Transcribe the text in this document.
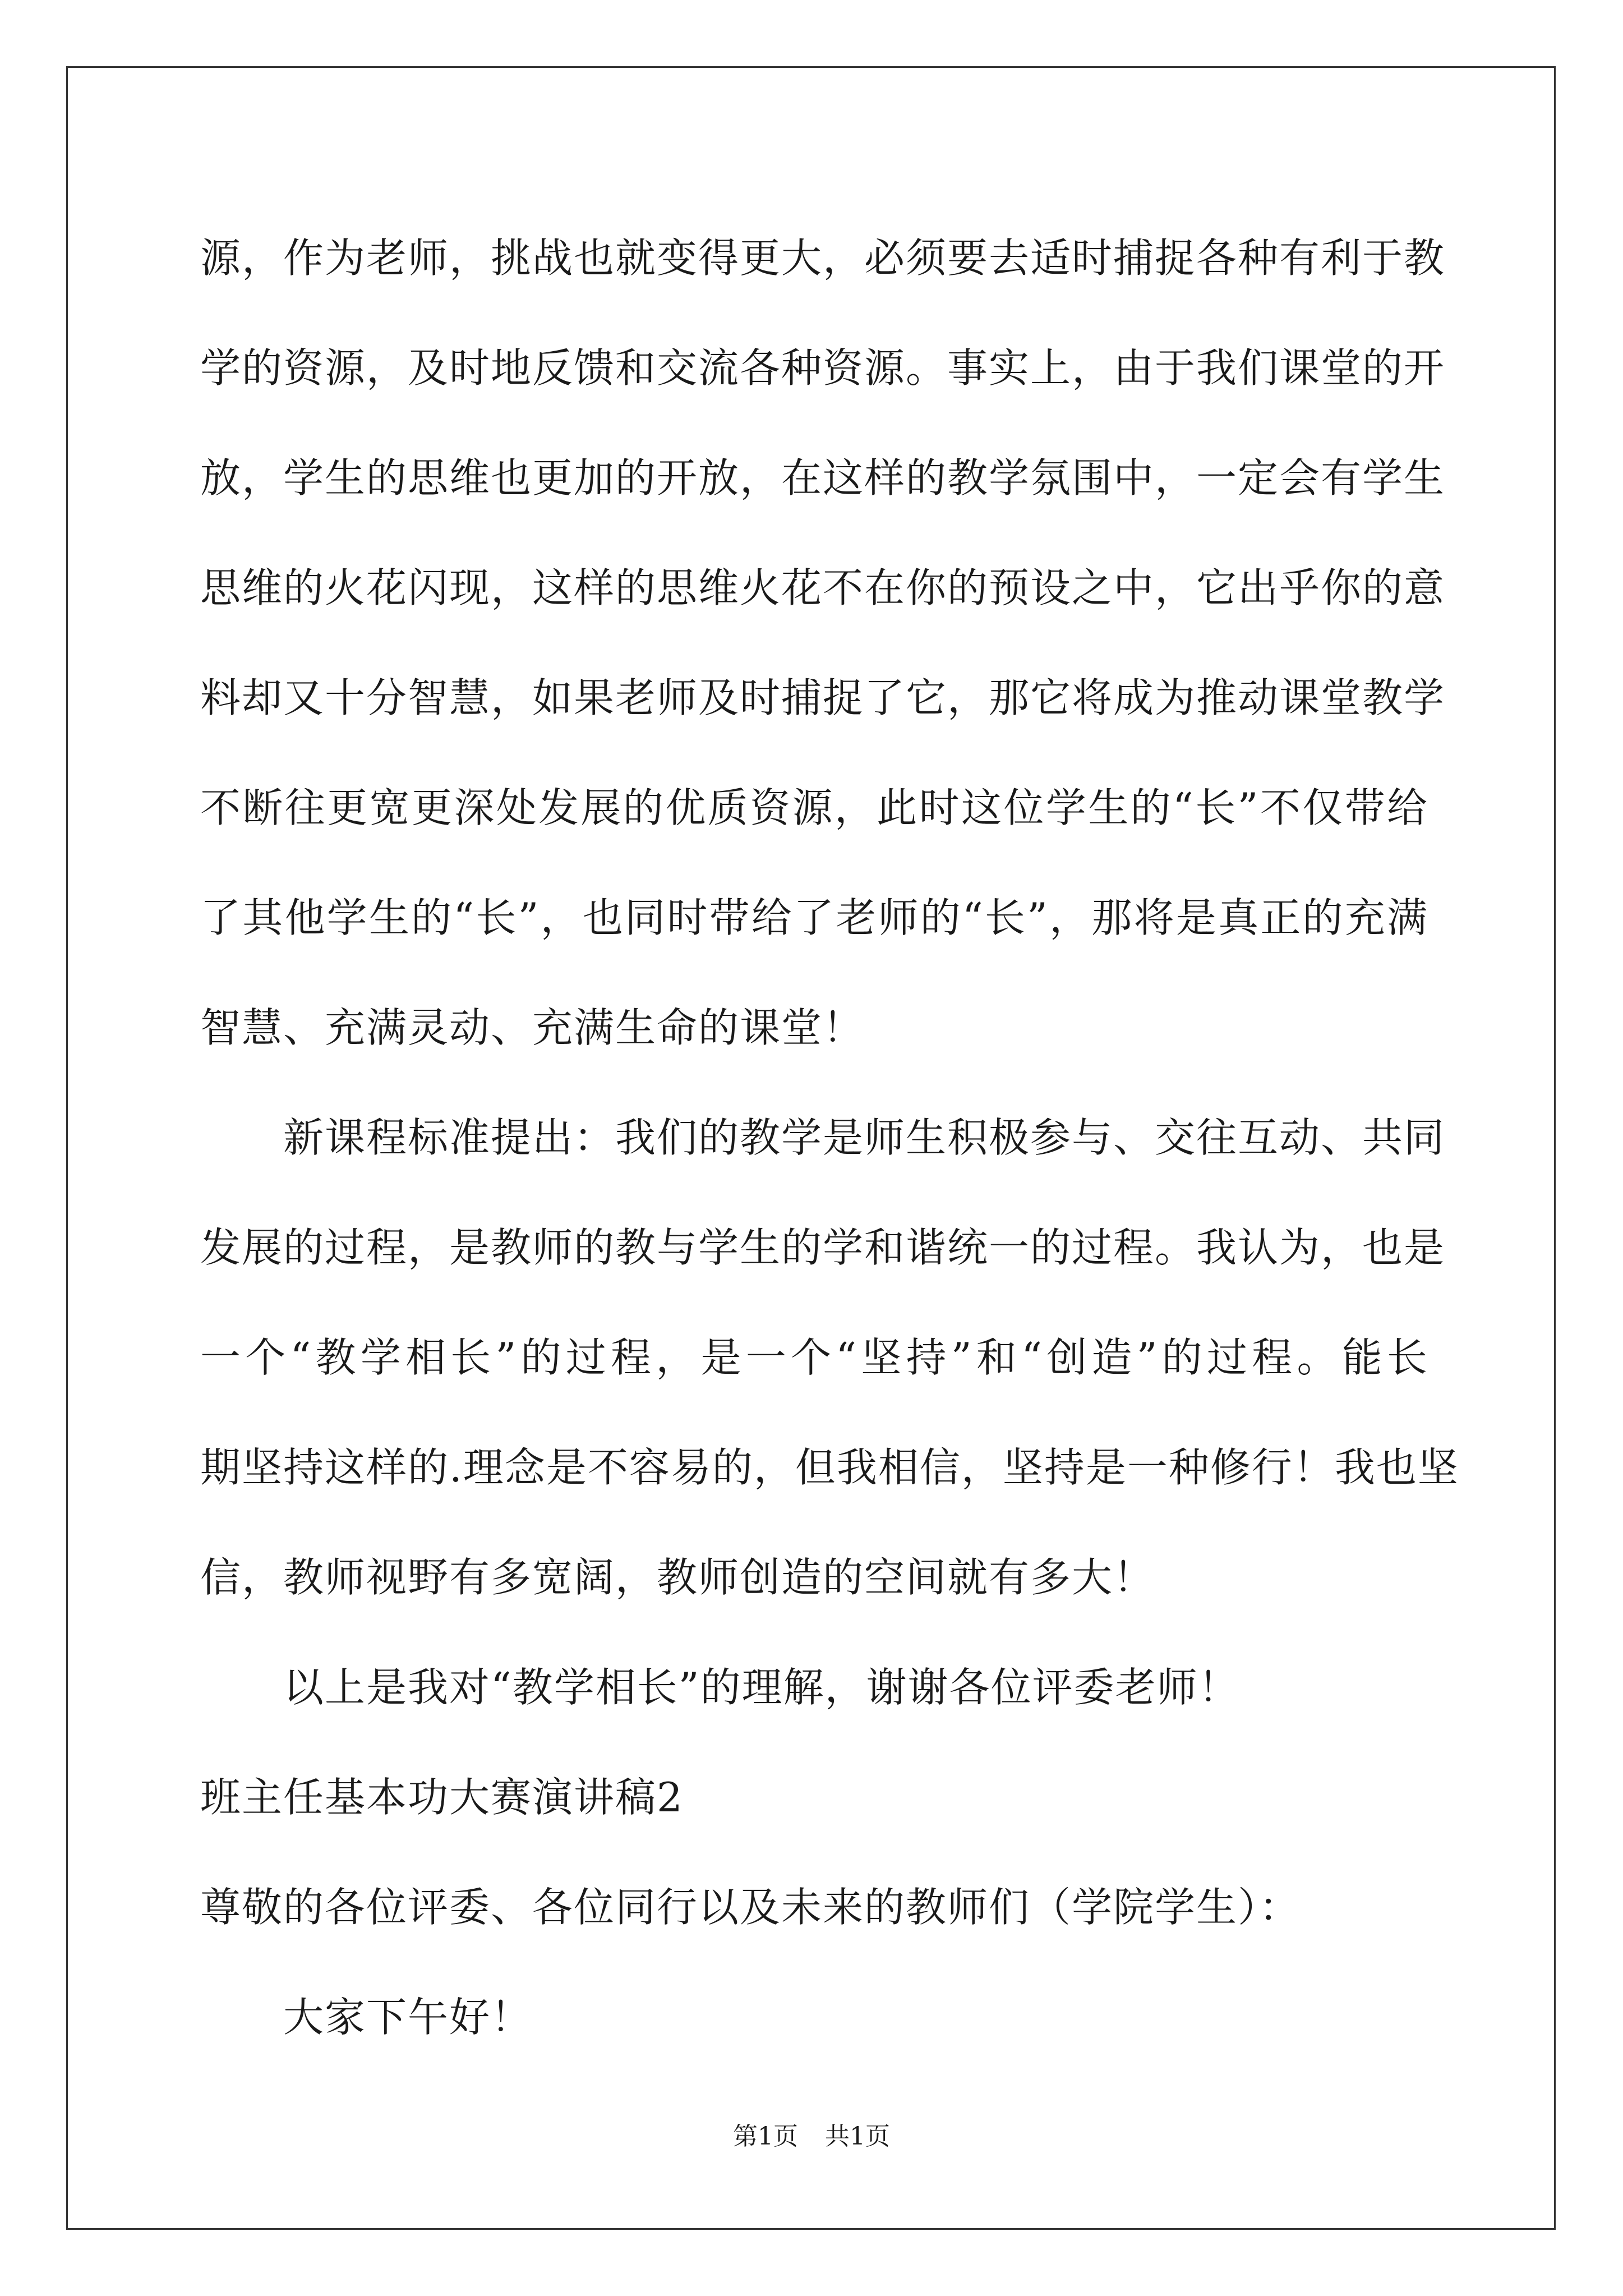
源，作为老师，挑战也就变得更大，必须要去适时捕捉各种有利于教
学的资源，及时地反馈和交流各种资源。事实上，由于我们课堂的开
放，学生的思维也更加的开放，在这样的教学氛围中，一定会有学生
思维的火花闪现，这样的思维火花不在你的预设之中，它出乎你的意
料却又十分智慧，如果老师及时捕捉了它，那它将成为推动课堂教学
不断往更宽更深处发展的优质资源，此时这位学生的“长”不仅带给
了其他学生的“长”，也同时带给了老师的“长”，那将是真正的充满
智慧、充满灵动、充满生命的课堂！
新课程标准提出：我们的教学是师生积极参与、交往互动、共同
发展的过程，是教师的教与学生的学和谐统一的过程。我认为，也是
一个“教学相长”的过程，是一个“坚持”和“创造”的过程。能长
期坚持这样的.理念是不容易的，但我相信，坚持是一种修行！我也坚
信，教师视野有多宽阔，教师创造的空间就有多大！
以上是我对“教学相长”的理解，谢谢各位评委老师！
班主任基本功大赛演讲稿2
尊敬的各位评委、各位同行以及未来的教师们（学院学生）：
大家下午好！
第1页 共1页
